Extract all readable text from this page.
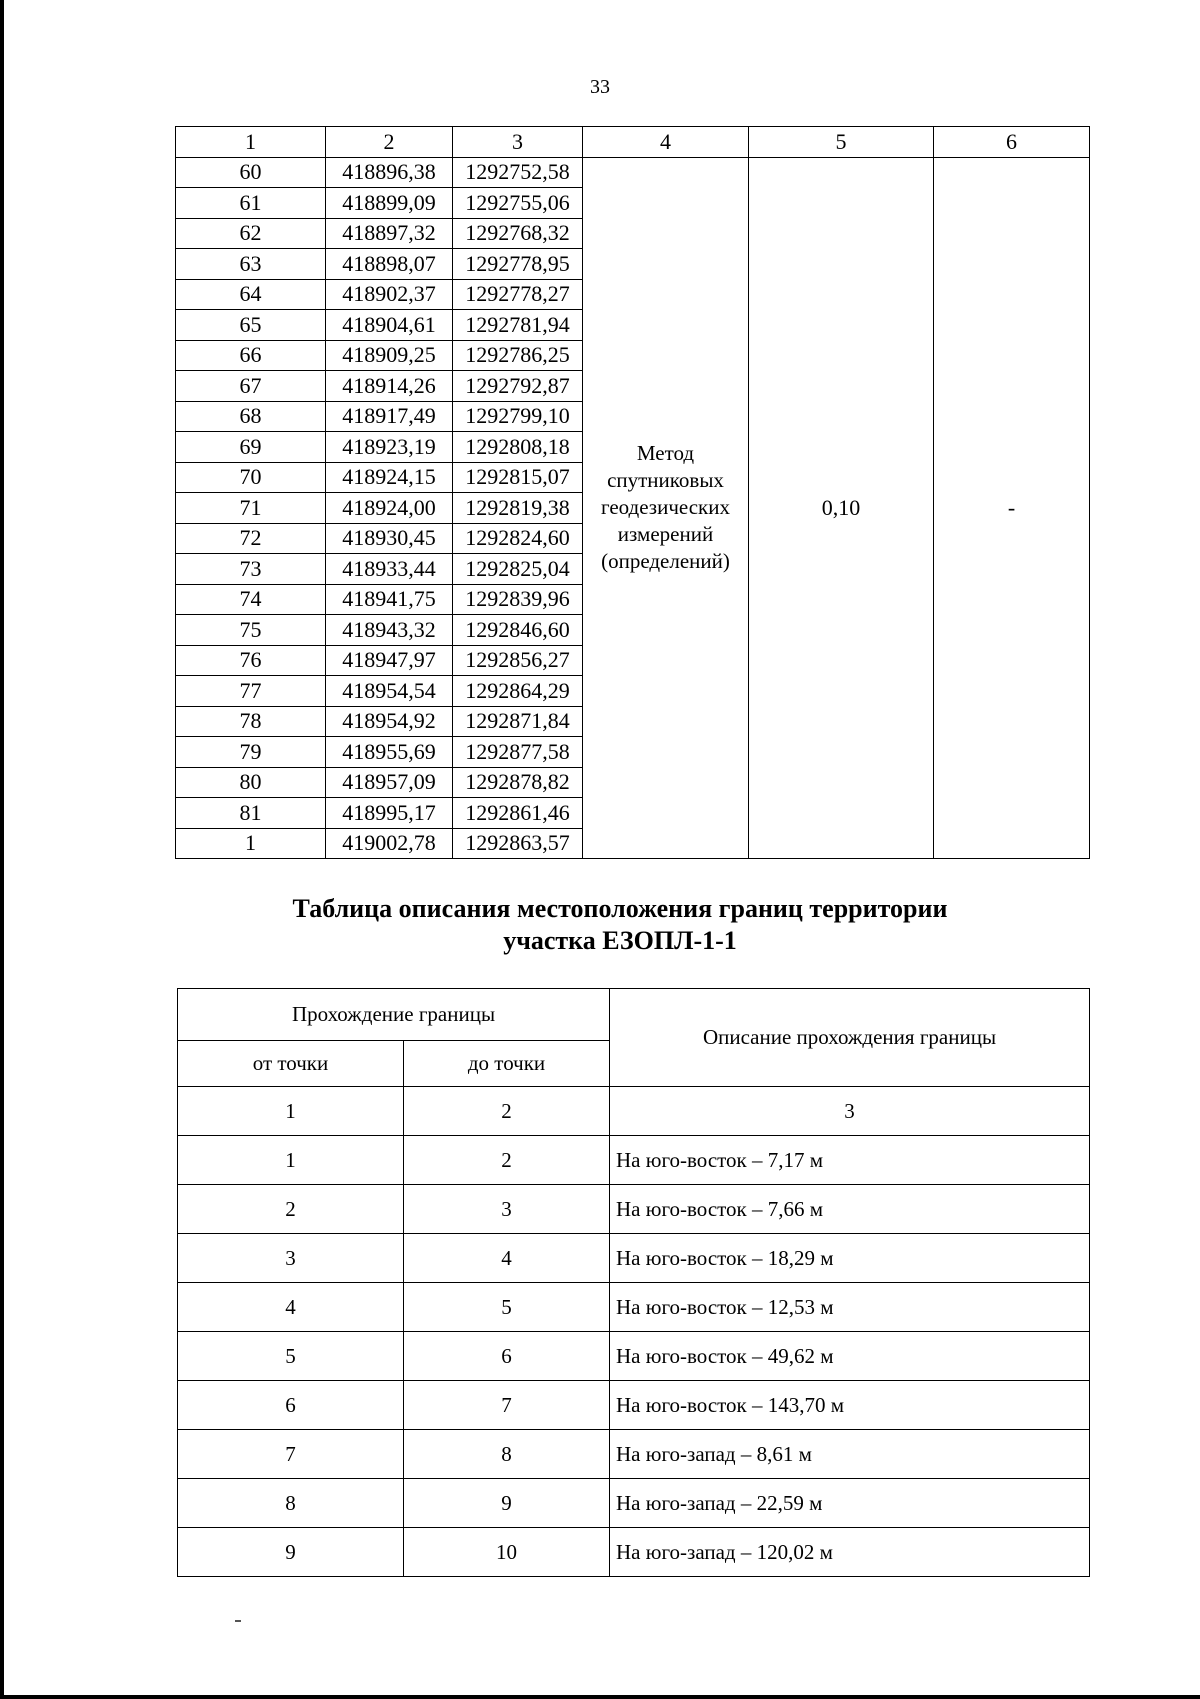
33
1	2	3	4	5	6
60	418896,38	1292752,58	Метод
спутниковых
геодезических
измерений
(определений)	0,10	-
61	418899,09	1292755,06			
62	418897,32	1292768,32			
63	418898,07	1292778,95			
64	418902,37	1292778,27			
65	418904,61	1292781,94			
66	418909,25	1292786,25			
67	418914,26	1292792,87			
68	418917,49	1292799,10			
69	418923,19	1292808,18			
70	418924,15	1292815,07			
71	418924,00	1292819,38			
72	418930,45	1292824,60			
73	418933,44	1292825,04			
74	418941,75	1292839,96			
75	418943,32	1292846,60			
76	418947,97	1292856,27			
77	418954,54	1292864,29			
78	418954,92	1292871,84			
79	418955,69	1292877,58			
80	418957,09	1292878,82			
81	418995,17	1292861,46			
1	419002,78	1292863,57			
Таблица описания местоположения границ территории
участка ЕЗОПЛ-1-1
Прохождение границы		Описание прохождения границы
от точки	до точки	
1	2	3
1	2	На юго-восток – 7,17 м
2	3	На юго-восток – 7,66 м
3	4	На юго-восток – 18,29 м
4	5	На юго-восток – 12,53 м
5	6	На юго-восток – 49,62 м
6	7	На юго-восток – 143,70 м
7	8	На юго-запад – 8,61 м
8	9	На юго-запад – 22,59 м
9	10	На юго-запад – 120,02 м
